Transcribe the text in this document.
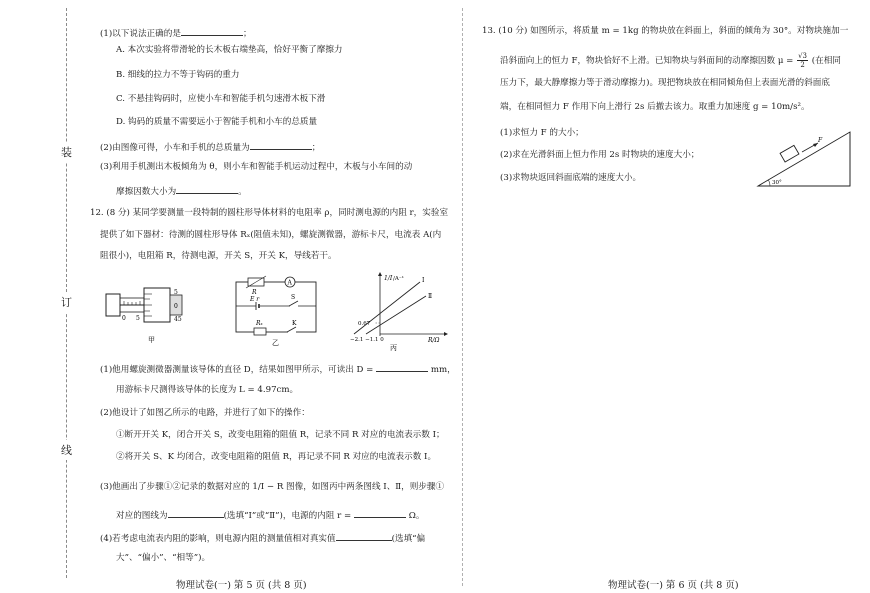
装
订
线
(1)以下说法正确的是	；
A. 本次实验将带滑轮的长木板右端垫高，恰好平衡了摩擦力
B. 细线的拉力不等于钩码的重力
C. 不悬挂钩码时，应使小车和智能手机匀速滑木板下滑
D. 钩码的质量不需要远小于智能手机和小车的总质量
(2)由图像可得，小车和手机的总质量为	；
(3)利用手机测出木板倾角为 θ，则小车和智能手机运动过程中，木板与小车间的动
摩擦因数大小为	。
12. (8 分) 某同学要测量一段特制的圆柱形导体材料的电阻率 ρ，同时测电源的内阻 r，实验室
提供了如下器材：待测的圆柱形导体 Rₓ(阻值未知)，螺旋测微器，游标卡尺，电流表 A(内
阻很小)，电阻箱 R，待测电源，开关 S，开关 K，导线若干。
5
0
45
0 5
甲
A
R
E r	S
Rₓ	K
乙
1/I /A⁻¹
R/Ω
Ⅰ
Ⅱ
0.67
−2.1 −1.1 0
丙
(1)他用螺旋测微器测量该导体的直径 D，结果如图甲所示，可读出 D =	mm，
用游标卡尺测得该导体的长度为 L = 4.97cm。
(2)他设计了如图乙所示的电路，并进行了如下的操作：
①断开开关 K，闭合开关 S，改变电阻箱的阻值 R，记录不同 R 对应的电流表示数 I；
②将开关 S、K 均闭合，改变电阻箱的阻值 R，再记录不同 R 对应的电流表示数 I。
(3)他画出了步骤①②记录的数据对应的 1/I − R 图像，如图丙中两条图线 Ⅰ、Ⅱ，则步骤①
对应的图线为	(选填“Ⅰ”或“Ⅱ”)，电源的内阻 r =	Ω。
(4)若考虑电流表内阻的影响，则电源内阻的测量值相对真实值	(选填“偏
大”、“偏小”、“相等”)。
物理试卷(一) 第 5 页 (共 8 页)
13. (10 分) 如图所示，将质量 m = 1kg 的物块放在斜面上，斜面的倾角为 30°。对物块施加一
沿斜面向上的恒力 F，物块恰好不上滑。已知物块与斜面间的动摩擦因数 $\mu = \frac{√3}{2}$ (在相同
压力下，最大静摩擦力等于滑动摩擦力)。现把物块放在相同倾角但上表面光滑的斜面底
端，在相同恒力 F 作用下向上滑行 2s 后撤去该力。取重力加速度 g = 10m/s²。
(1)求恒力 F 的大小；
(2)求在光滑斜面上恒力作用 2s 时物块的速度大小；
(3)求物块返回斜面底端的速度大小。
F
30°
物理试卷(一) 第 6 页 (共 8 页)
